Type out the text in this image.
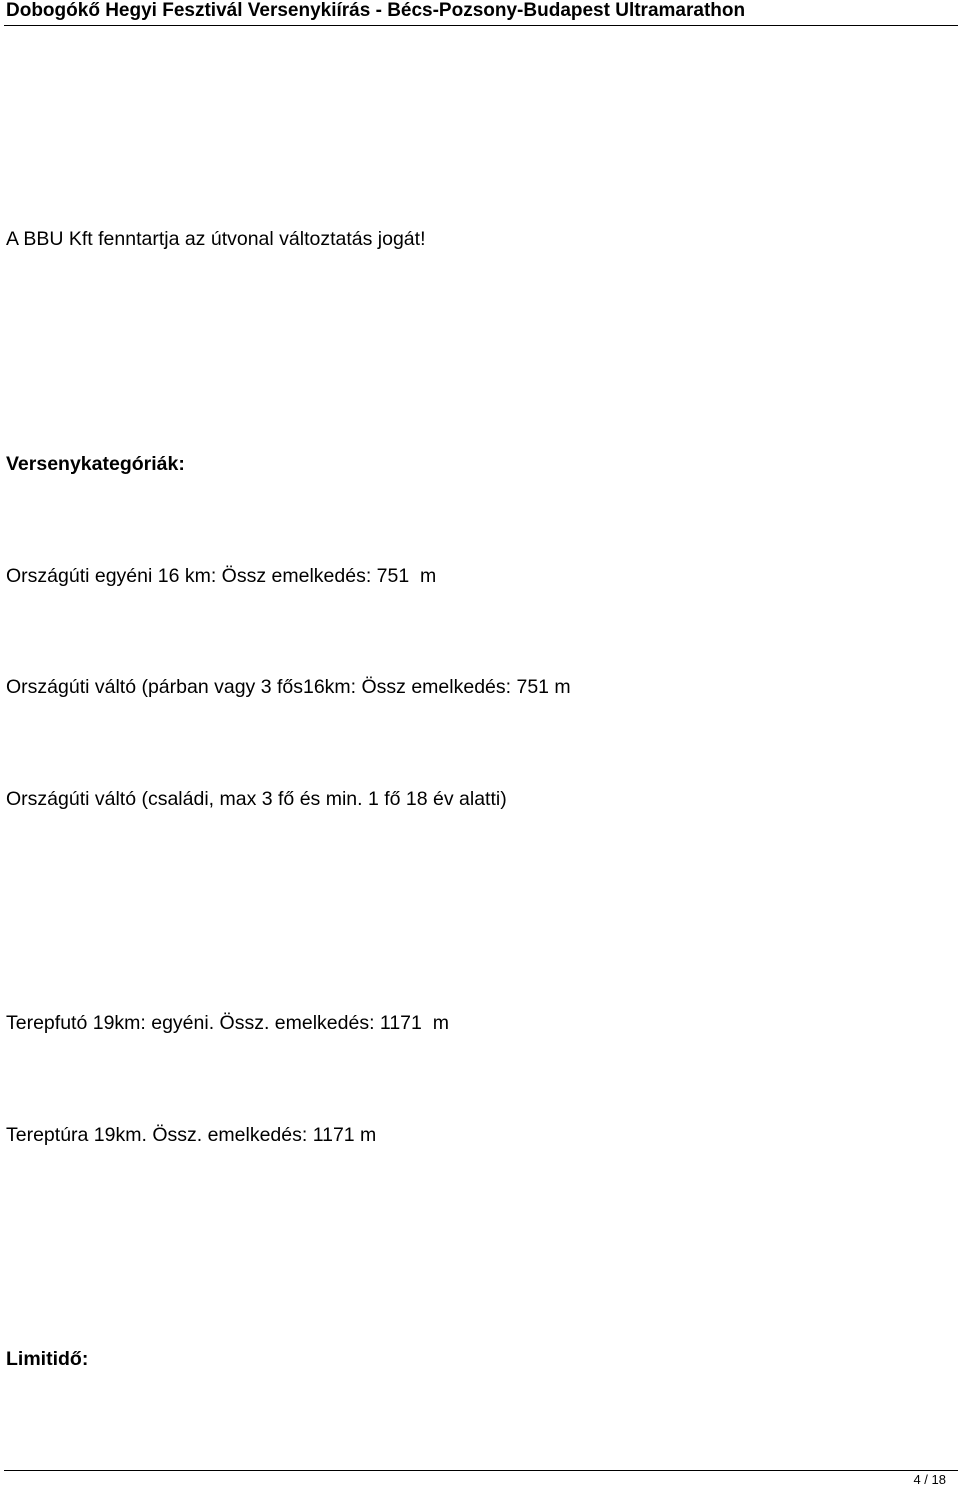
Dobogókő Hegyi Fesztivál Versenykiírás - Bécs-Pozsony-Budapest Ultramarathon
A BBU Kft fenntartja az útvonal változtatás jogát!
Versenykategóriák:
Országúti egyéni 16 km: Össz emelkedés: 751  m
Országúti váltó (párban vagy 3 fős16km: Össz emelkedés: 751 m
Országúti váltó (családi, max 3 fő és min. 1 fő 18 év alatti)
Terepfutó 19km: egyéni. Össz. emelkedés: 1171  m
Tereptúra 19km. Össz. emelkedés: 1171 m
Limitidő:
4 / 18
